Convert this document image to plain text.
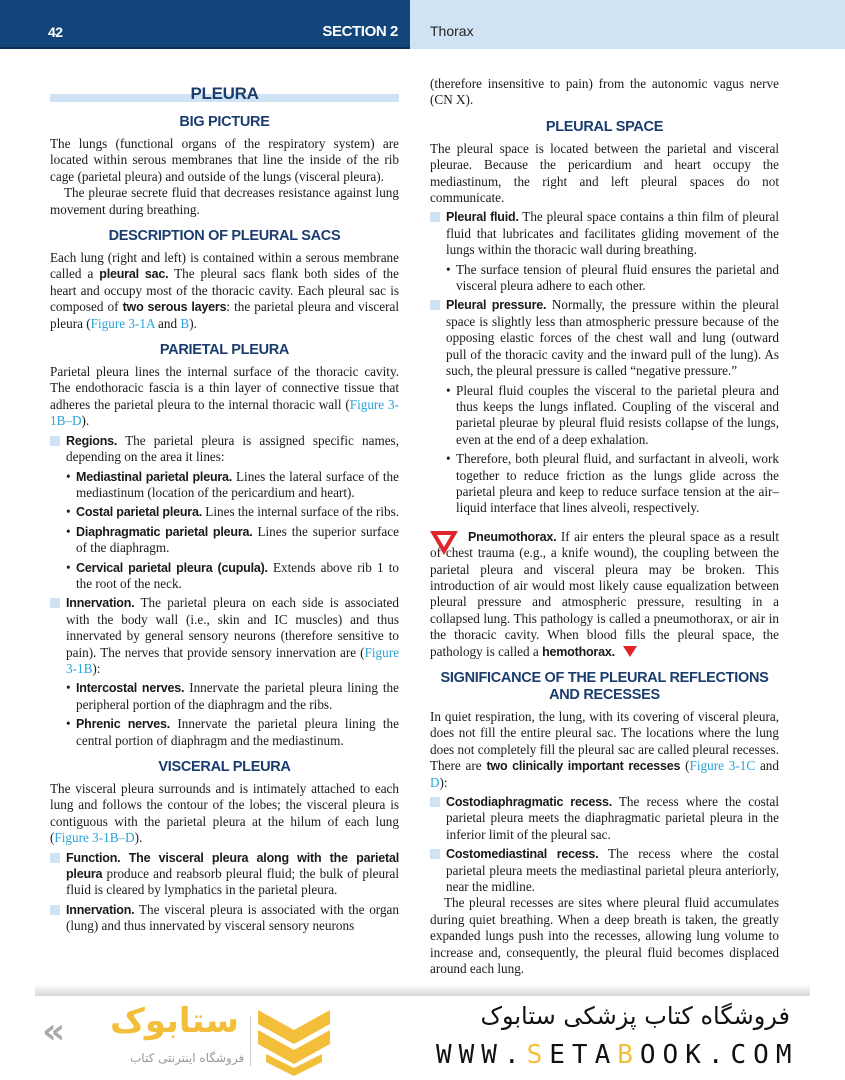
42	SECTION 2 Thorax
PLEURA
BIG PICTURE

The lungs (functional organs of the respiratory system) are located within serous membranes that line the inside of the rib cage (parietal pleura) and outside of the lungs (visceral pleura).

The pleurae secrete fluid that decreases resistance against lung movement during breathing.

DESCRIPTION OF PLEURAL SACS

Each lung (right and left) is contained within a serous membrane called a pleural sac. The pleural sacs flank both sides of the heart and occupy most of the thoracic cavity. Each pleural sac is composed of two serous layers: the parietal pleura and visceral pleura (Figure 3-1A and B).

PARIETAL PLEURA

Parietal pleura lines the internal surface of the thoracic cavity. The endothoracic fascia is a thin layer of connective tissue that adheres the parietal pleura to the internal thoracic wall (Figure 3-1B–D).

Regions. The parietal pleura is assigned specific names, depending on the area it lines:
• Mediastinal parietal pleura. Lines the lateral surface of the mediastinum (location of the pericardium and heart).
• Costal parietal pleura. Lines the internal surface of the ribs.
• Diaphragmatic parietal pleura. Lines the superior surface of the diaphragm.
• Cervical parietal pleura (cupula). Extends above rib 1 to the root of the neck.
Innervation. The parietal pleura on each side is associated with the body wall (i.e., skin and IC muscles) and thus innervated by general sensory neurons (therefore sensitive to pain). The nerves that provide sensory innervation are (Figure 3-1B):
• Intercostal nerves. Innervate the parietal pleura lining the peripheral portion of the diaphragm and the ribs.
• Phrenic nerves. Innervate the parietal pleura lining the central portion of diaphragm and the mediastinum.
VISCERAL PLEURA

The visceral pleura surrounds and is intimately attached to each lung and follows the contour of the lobes; the visceral pleura is contiguous with the parietal pleura at the hilum of each lung (Figure 3-1B–D).

Function. The visceral pleura along with the parietal pleura produce and reabsorb pleural fluid; the bulk of pleural fluid is cleared by lymphatics in the parietal pleura.
Innervation. The visceral pleura is associated with the organ (lung) and thus innervated by visceral sensory neurons

(therefore insensitive to pain) from the autonomic vagus nerve (CN X).

PLEURAL SPACE

The pleural space is located between the parietal and visceral pleurae. Because the pericardium and heart occupy the mediastinum, the right and left pleural spaces do not communicate.

Pleural fluid. The pleural space contains a thin film of pleural fluid that lubricates and facilitates gliding movement of the lungs within the thoracic wall during breathing.
• The surface tension of pleural fluid ensures the parietal and visceral pleura adhere to each other.
Pleural pressure. Normally, the pressure within the pleural space is slightly less than atmospheric pressure because of the opposing elastic forces of the chest wall and lung (outward pull of the thoracic cavity and the inward pull of the lung). As such, the pleural pressure is called “negative pressure.”
• Pleural fluid couples the visceral to the parietal pleura and thus keeps the lungs inflated. Coupling of the visceral and parietal pleurae by pleural fluid resists collapse of the lungs, even at the end of a deep exhalation.
• Therefore, both pleural fluid, and surfactant in alveoli, work together to reduce friction as the lungs glide across the parietal pleura and keep to reduce surface tension at the air–liquid interface that lines alveoli, respectively.
Pneumothorax. If air enters the pleural space as a result of chest trauma (e.g., a knife wound), the coupling between the parietal pleura and visceral pleura may be broken. This introduction of air would most likely cause equalization between pleural pressure and atmospheric pressure, resulting in a collapsed lung. This pathology is called a pneumothorax, or air in the thoracic cavity. When blood fills the pleural space, the pathology is called a hemothorax.
SIGNIFICANCE OF THE PLEURAL REFLECTIONS
AND RECESSES

In quiet respiration, the lung, with its covering of visceral pleura, does not fill the entire pleural sac. The locations where the lung does not completely fill the pleural sac are called pleural recesses. There are two clinically important recesses (Figure 3-1C and D):

Costodiaphragmatic recess. The recess where the costal parietal pleura meets the diaphragmatic parietal pleura in the inferior limit of the pleural sac.
Costomediastinal recess. The recess where the costal parietal pleura meets the mediastinal parietal pleura anteriorly, near the midline.

The pleural recesses are sites where pleural fluid accumulates during quiet breathing. When a deep breath is taken, the greatly expanded lungs push into the recesses, allowing lung volume to increase and, consequently, the pleural fluid becomes displaced around each lung.

« ستابوک
فروشگاه اینترنتی کتاب
فروشگاه کتاب پزشکی ستابوک
WWW.SETABOOK.COM
